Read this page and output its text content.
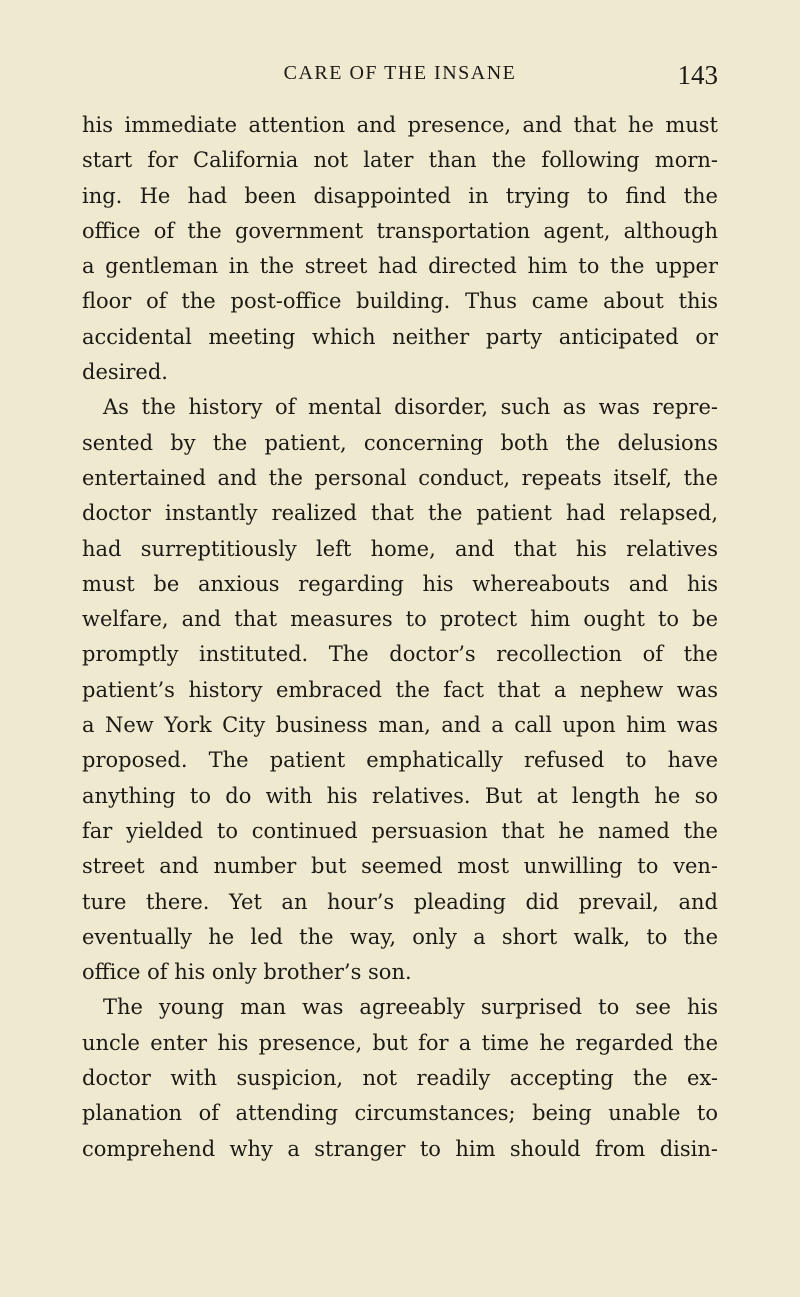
CARE OF THE INSANE	143
his immediate attention and presence, and that he must
start for California not later than the following morn-
ing. He had been disappointed in trying to find the
office of the government transportation agent, although
a gentleman in the street had directed him to the upper
floor of the post-office building. Thus came about this
accidental meeting which neither party anticipated or
desired.
As the history of mental disorder, such as was repre-
sented by the patient, concerning both the delusions
entertained and the personal conduct, repeats itself, the
doctor instantly realized that the patient had relapsed,
had surreptitiously left home, and that his relatives
must be anxious regarding his whereabouts and his
welfare, and that measures to protect him ought to be
promptly instituted. The doctor’s recollection of the
patient’s history embraced the fact that a nephew was
a New York City business man, and a call upon him was
proposed. The patient emphatically refused to have
anything to do with his relatives. But at length he so
far yielded to continued persuasion that he named the
street and number but seemed most unwilling to ven-
ture there. Yet an hour’s pleading did prevail, and
eventually he led the way, only a short walk, to the
office of his only brother’s son.
The young man was agreeably surprised to see his
uncle enter his presence, but for a time he regarded the
doctor with suspicion, not readily accepting the ex-
planation of attending circumstances; being unable to
comprehend why a stranger to him should from disin-
